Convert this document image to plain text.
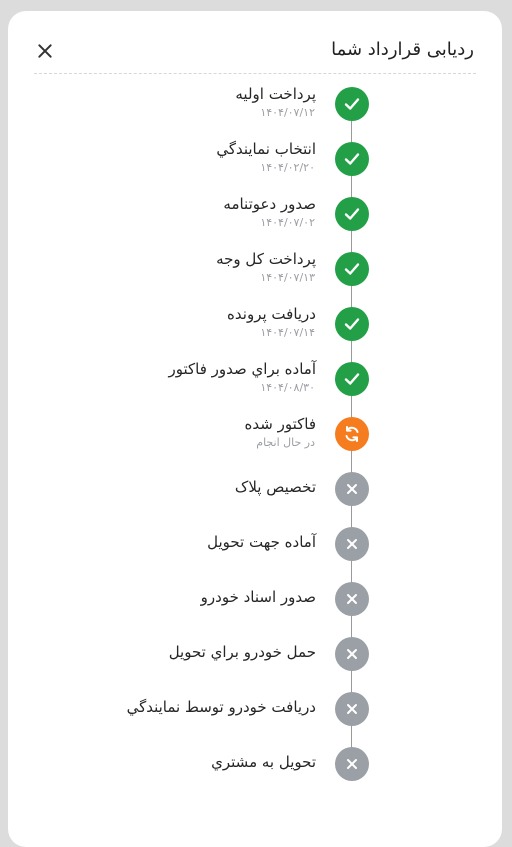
ردیابی قرارداد شما
پرداخت اوليه
۱۴۰۴/۰۷/۱۲
انتخاب نمايندگي
۱۴۰۴/۰۲/۲۰
صدور دعوتنامه
۱۴۰۴/۰۷/۰۲
پرداخت کل وجه
۱۴۰۴/۰۷/۱۳
دريافت پرونده
۱۴۰۴/۰۷/۱۴
آماده براي صدور فاکتور
۱۴۰۴/۰۸/۳۰
فاکتور شده
در حال انجام
تخصيص پلاک
آماده جهت تحويل
صدور اسناد خودرو
حمل خودرو براي تحويل
دريافت خودرو توسط نمايندگي
تحويل به مشتري
